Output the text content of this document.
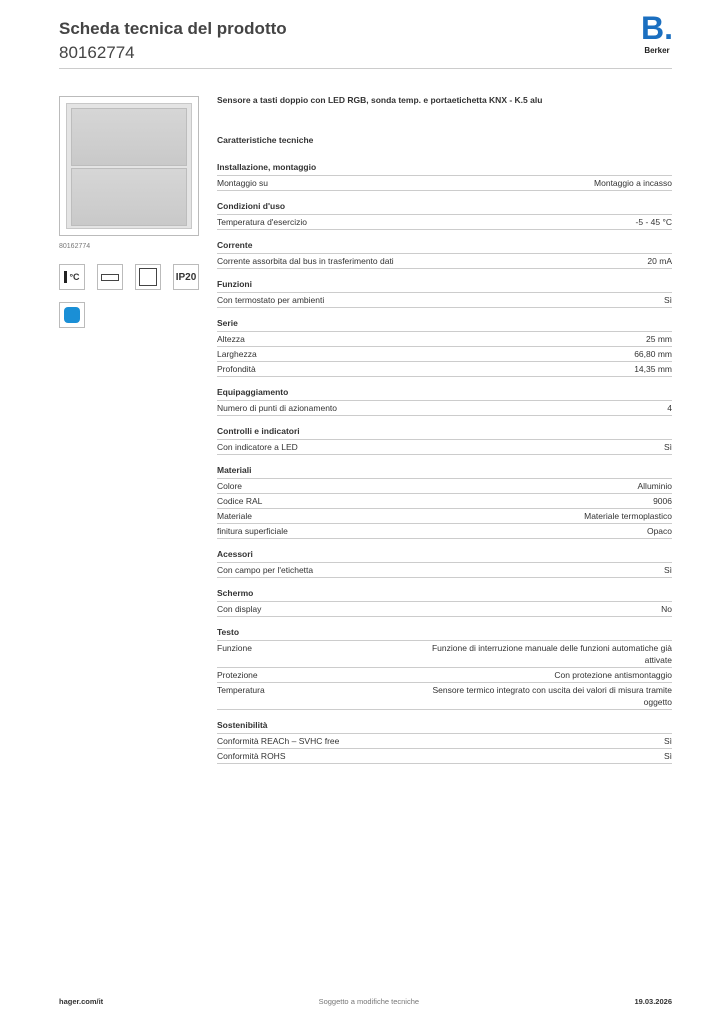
Scheda tecnica del prodotto
80162774
B.
Berker
80162774
°C	IP20
Sensore a tasti doppio con LED RGB, sonda temp. e portaetichetta KNX - K.5 alu
Caratteristiche tecniche
Installazione, montaggio
Montaggio su	Montaggio a incasso
Condizioni d'uso
Temperatura d'esercizio	-5 - 45 °C
Corrente
Corrente assorbita dal bus in trasferimento dati	20 mA
Funzioni
Con termostato per ambienti	Sì
Serie
Altezza	25 mm
Larghezza	66,80 mm
Profondità	14,35 mm
Equipaggiamento
Numero di punti di azionamento	4
Controlli e indicatori
Con indicatore a LED	Sì
Materiali
Colore	Alluminio
Codice RAL	9006
Materiale	Materiale termoplastico
finitura superficiale	Opaco
Acessori
Con campo per l'etichetta	Sì
Schermo
Con display	No
Testo
Funzione	Funzione di interruzione manuale delle funzioni automatiche già attivate
Protezione	Con protezione antismontaggio
Temperatura	Sensore termico integrato con uscita dei valori di misura tramite oggetto
Sostenibilità
Conformità REACh – SVHC free	Sì
Conformità ROHS	Sì
hager.com/it	Soggetto a modifiche tecniche	19.03.2026
